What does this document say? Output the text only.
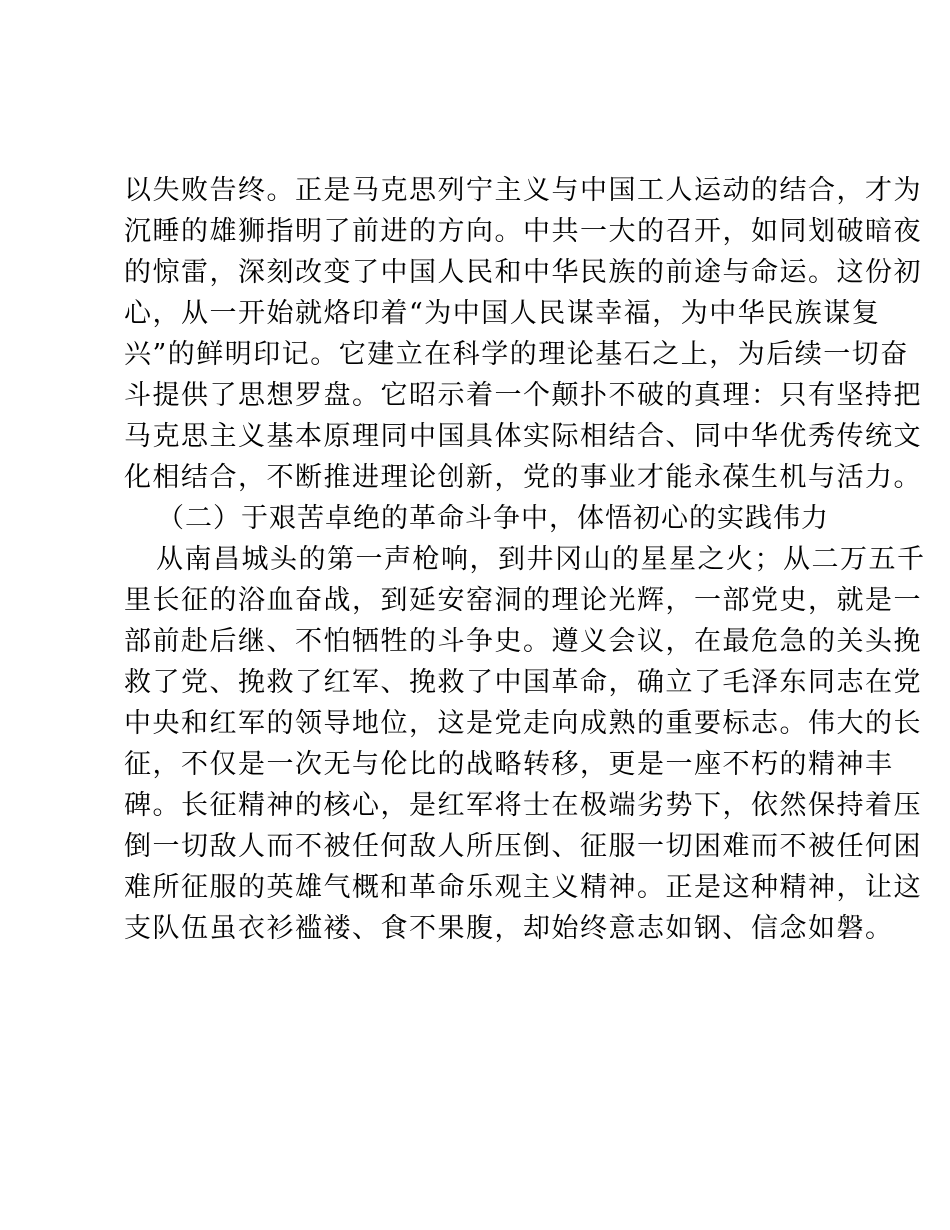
以失败告终。正是马克思列宁主义与中国工人运动的结合，才为
沉睡的雄狮指明了前进的方向。中共一大的召开，如同划破暗夜
的惊雷，深刻改变了中国人民和中华民族的前途与命运。这份初
心，从一开始就烙印着“为中国人民谋幸福，为中华民族谋复
兴”的鲜明印记。它建立在科学的理论基石之上，为后续一切奋
斗提供了思想罗盘。它昭示着一个颠扑不破的真理：只有坚持把
马克思主义基本原理同中国具体实际相结合、同中华优秀传统文
化相结合，不断推进理论创新，党的事业才能永葆生机与活力。
（二）于艰苦卓绝的革命斗争中，体悟初心的实践伟力
从南昌城头的第一声枪响，到井冈山的星星之火；从二万五千
里长征的浴血奋战，到延安窑洞的理论光辉，一部党史，就是一
部前赴后继、不怕牺牲的斗争史。遵义会议，在最危急的关头挽
救了党、挽救了红军、挽救了中国革命，确立了毛泽东同志在党
中央和红军的领导地位，这是党走向成熟的重要标志。伟大的长
征，不仅是一次无与伦比的战略转移，更是一座不朽的精神丰
碑。长征精神的核心，是红军将士在极端劣势下，依然保持着压
倒一切敌人而不被任何敌人所压倒、征服一切困难而不被任何困
难所征服的英雄气概和革命乐观主义精神。正是这种精神，让这
支队伍虽衣衫褴褛、食不果腹，却始终意志如钢、信念如磐。
